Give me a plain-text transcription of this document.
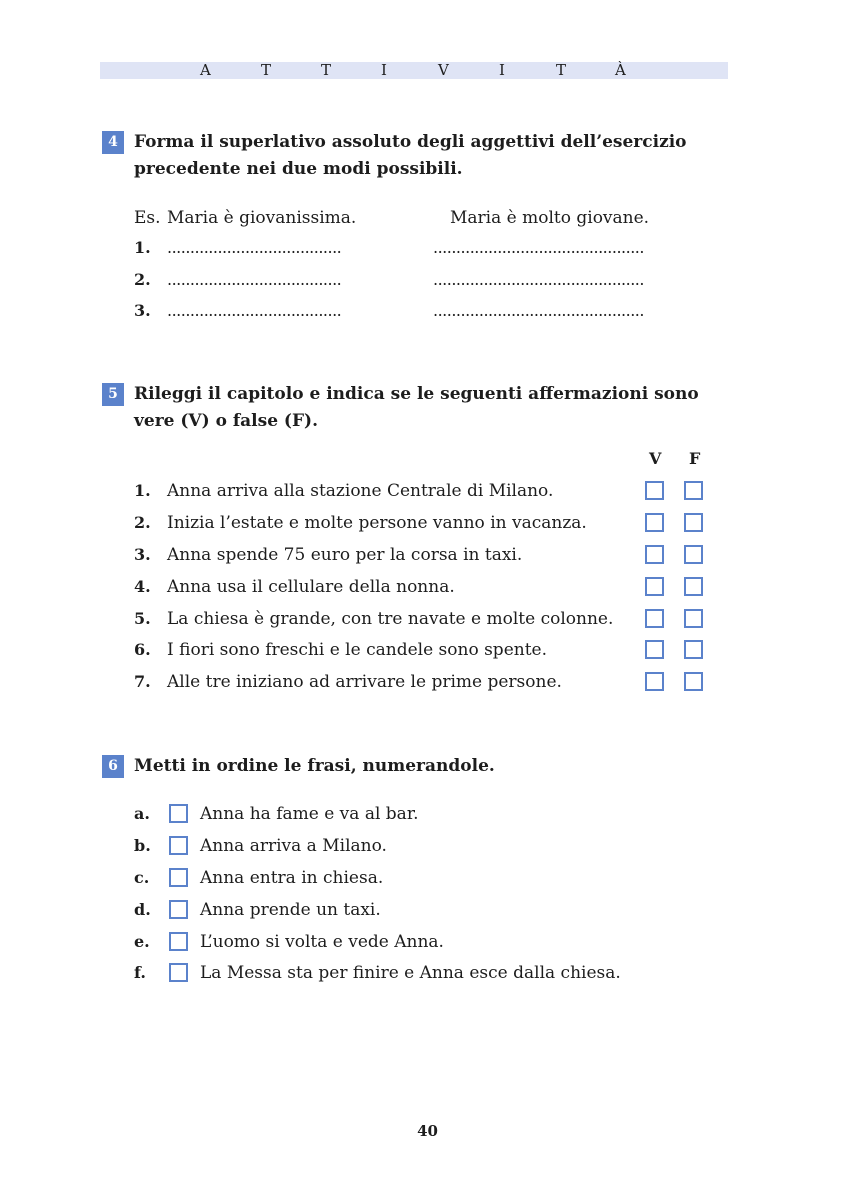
A	T	T	I	V	I	T	À
4 Forma il superlativo assoluto degli aggettivi dell’esercizio
precedente nei due modi possibili.
Es. Maria è giovanissima.	Maria è molto giovane.
1. ......................................	..............................................
2. ......................................	..............................................
3. ......................................	..............................................
5 Rileggi il capitolo e indica se le seguenti affermazioni sono
vere (V) o false (F).
V F
1. Anna arriva alla stazione Centrale di Milano.
2. Inizia l’estate e molte persone vanno in vacanza.
3. Anna spende 75 euro per la corsa in taxi.
4. Anna usa il cellulare della nonna.
5. La chiesa è grande, con tre navate e molte colonne.
6. I fiori sono freschi e le candele sono spente.
7. Alle tre iniziano ad arrivare le prime persone.
6 Metti in ordine le frasi, numerandole.
a.	Anna ha fame e va al bar.
b.	Anna arriva a Milano.
c.	Anna entra in chiesa.
d.	Anna prende un taxi.
e.	L’uomo si volta e vede Anna.
f.	La Messa sta per finire e Anna esce dalla chiesa.
40
